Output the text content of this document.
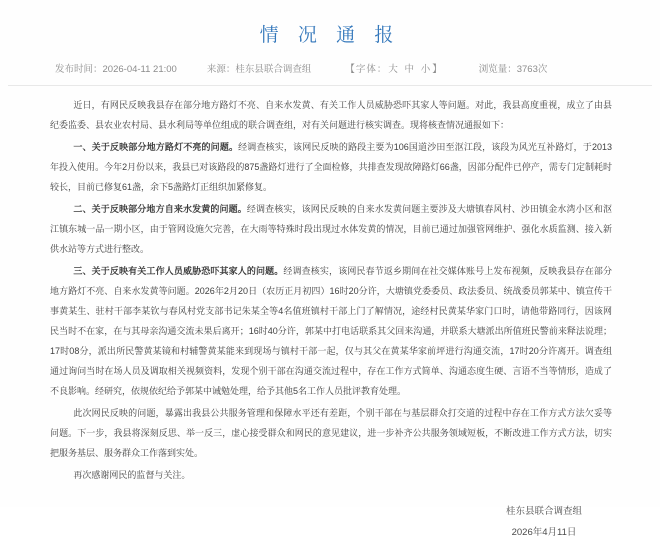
情 况 通 报
发布时间：2026-04-11 21:00	来源：桂东县联合调查组	【字体：大 中 小】	浏览量：3763次

近日，有网民反映我县存在部分地方路灯不亮、自来水发黄、有关工作人员威胁恐吓其家人等问题。对此，我县高度重视，成立了由县纪委监委、县农业农村局、县水利局等单位组成的联合调查组，对有关问题进行核实调查。现将核查情况通报如下：

一、关于反映部分地方路灯不亮的问题。经调查核实，该网民反映的路段主要为106国道沙田至沤江段，该段为风光互补路灯，于2013年投入使用。今年2月份以来，我县已对该路段的875盏路灯进行了全面检修，共排查发现故障路灯66盏，因部分配件已停产，需专门定制耗时较长，目前已修复61盏，余下5盏路灯正组织加紧修复。

二、关于反映部分地方自来水发黄的问题。经调查核实，该网民反映的自来水发黄问题主要涉及大塘镇春风村、沙田镇金水湾小区和沤江镇东城一品一期小区，由于管网设施欠完善，在大雨等特殊时段出现过水体发黄的情况，目前已通过加强管网维护、强化水质监测、接入新供水站等方式进行整改。

三、关于反映有关工作人员威胁恐吓其家人的问题。经调查核实，该网民春节返乡期间在社交媒体账号上发布视频，反映我县存在部分地方路灯不亮、自来水发黄等问题。2026年2月20日（农历正月初四）16时20分许，大塘镇党委委员、政法委员、统战委员郭某中、镇宣传干事黄某生、驻村干部李某钦与春风村党支部书记朱某全等4名值班镇村干部上门了解情况，途经村民黄某华家门口时，请他带路同行，因该网民当时不在家，在与其母亲沟通交流未果后离开；16时40分许，郭某中打电话联系其父回来沟通，并联系大塘派出所值班民警前来释法说理；17时08分，派出所民警黄某镜和村辅警黄某能来到现场与镇村干部一起，仅与其父在黄某华家前坪进行沟通交流，17时20分许离开。调查组通过询问当时在场人员及调取相关视频资料，发现个别干部在沟通交流过程中，存在工作方式简单、沟通态度生硬、言语不当等情形，造成了不良影响。经研究，依规依纪给予郭某中诫勉处理，给予其他5名工作人员批评教育处理。

此次网民反映的问题，暴露出我县公共服务管理和保障水平还有差距，个别干部在与基层群众打交道的过程中存在工作方式方法欠妥等问题。下一步，我县将深刻反思、举一反三，虚心接受群众和网民的意见建议，进一步补齐公共服务领域短板，不断改进工作方式方法，切实把服务基层、服务群众工作落到实处。

再次感谢网民的监督与关注。

桂东县联合调查组
2026年4月11日
